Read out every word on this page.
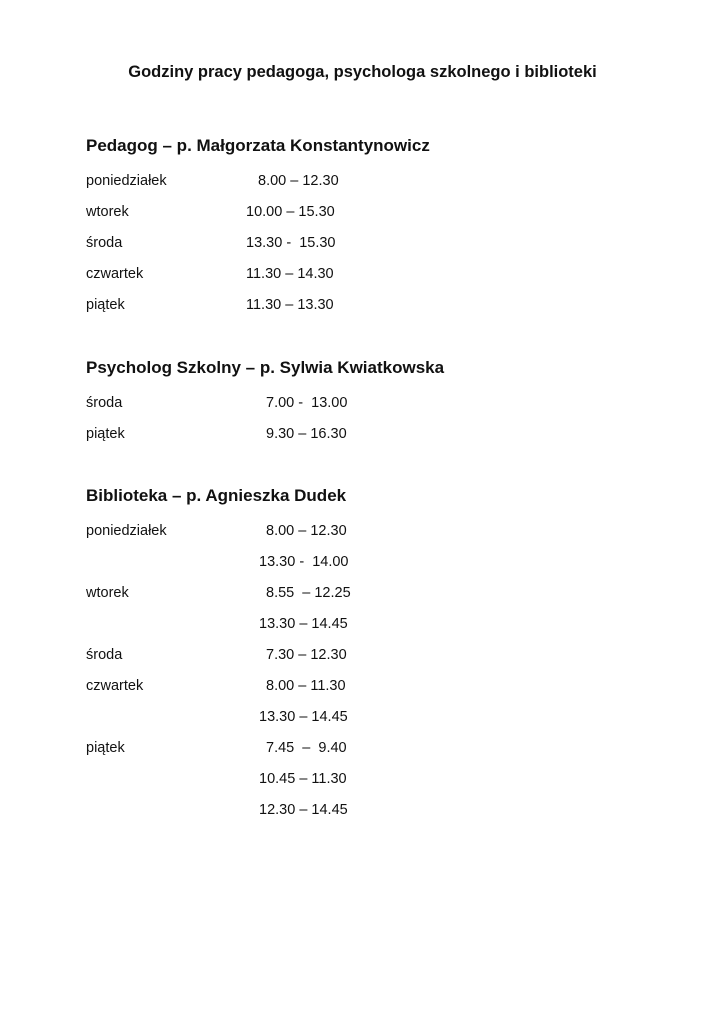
Godziny pracy pedagoga, psychologa szkolnego i biblioteki
Pedagog – p. Małgorzata Konstantynowicz
poniedziałek	8.00 – 12.30
wtorek	10.00 – 15.30
środa	13.30 -  15.30
czwartek	11.30 – 14.30
piątek	11.30 – 13.30
Psycholog Szkolny – p. Sylwia Kwiatkowska
środa	7.00 -  13.00
piątek	9.30 – 16.30
Biblioteka – p. Agnieszka Dudek
poniedziałek	8.00 – 12.30
13.30 -  14.00
wtorek	8.55  – 12.25
13.30 – 14.45
środa	7.30 – 12.30
czwartek	8.00 – 11.30
13.30 – 14.45
piątek	7.45  –  9.40
10.45 – 11.30
12.30 – 14.45
